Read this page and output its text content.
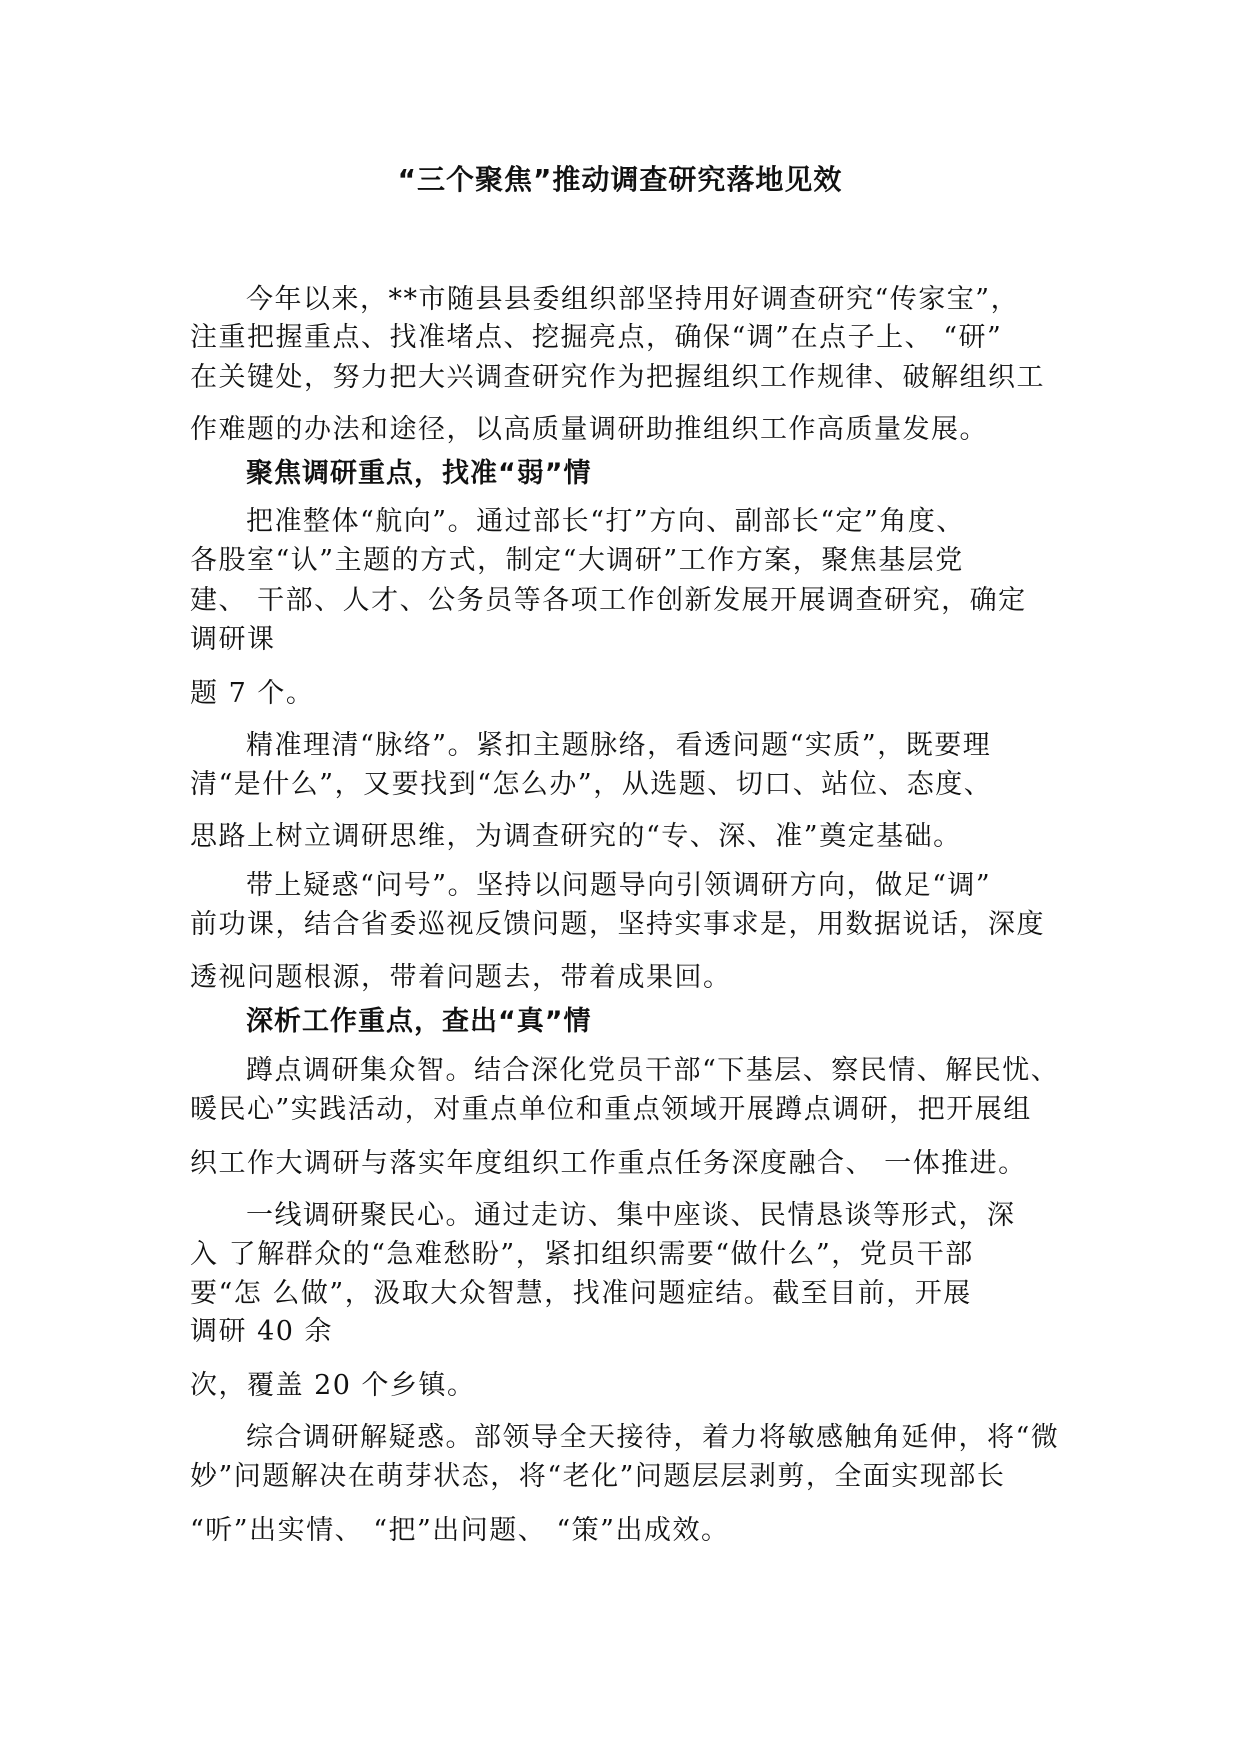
“三个聚焦”推动调查研究落地见效
今年以来，**市随县县委组织部坚持用好调查研究“传家宝”，
注重把握重点、找准堵点、挖掘亮点，确保“调”在点子上、 “研”
在关键处，努力把大兴调查研究作为把握组织工作规律、破解组织工
作难题的办法和途径，以高质量调研助推组织工作高质量发展。
聚焦调研重点，找准“弱”情
把准整体“航向”。通过部长“打”方向、副部长“定”角度、
各股室“认”主题的方式，制定“大调研”工作方案，聚焦基层党
建、 干部、人才、公务员等各项工作创新发展开展调查研究，确定
调研课
题 7 个。
精准理清“脉络”。紧扣主题脉络，看透问题“实质”，既要理
清“是什么”，又要找到“怎么办”，从选题、切口、站位、态度、
思路上树立调研思维，为调查研究的“专、深、准”奠定基础。
带上疑惑“问号”。坚持以问题导向引领调研方向，做足“调”
前功课，结合省委巡视反馈问题，坚持实事求是，用数据说话，深度
透视问题根源，带着问题去，带着成果回。
深析工作重点，查出“真”情
蹲点调研集众智。结合深化党员干部“下基层、察民情、解民忧、
暖民心”实践活动，对重点单位和重点领域开展蹲点调研，把开展组
织工作大调研与落实年度组织工作重点任务深度融合、 一体推进。
一线调研聚民心。通过走访、集中座谈、民情恳谈等形式，深
入 了解群众的“急难愁盼”，紧扣组织需要“做什么”，党员干部
要“怎 么做”，汲取大众智慧，找准问题症结。截至目前，开展
调研 40 余
次，覆盖 20 个乡镇。
综合调研解疑惑。部领导全天接待，着力将敏感触角延伸，将“微
妙”问题解决在萌芽状态，将“老化”问题层层剥剪，全面实现部长
“听”出实情、 “把”出问题、 “策”出成效。
